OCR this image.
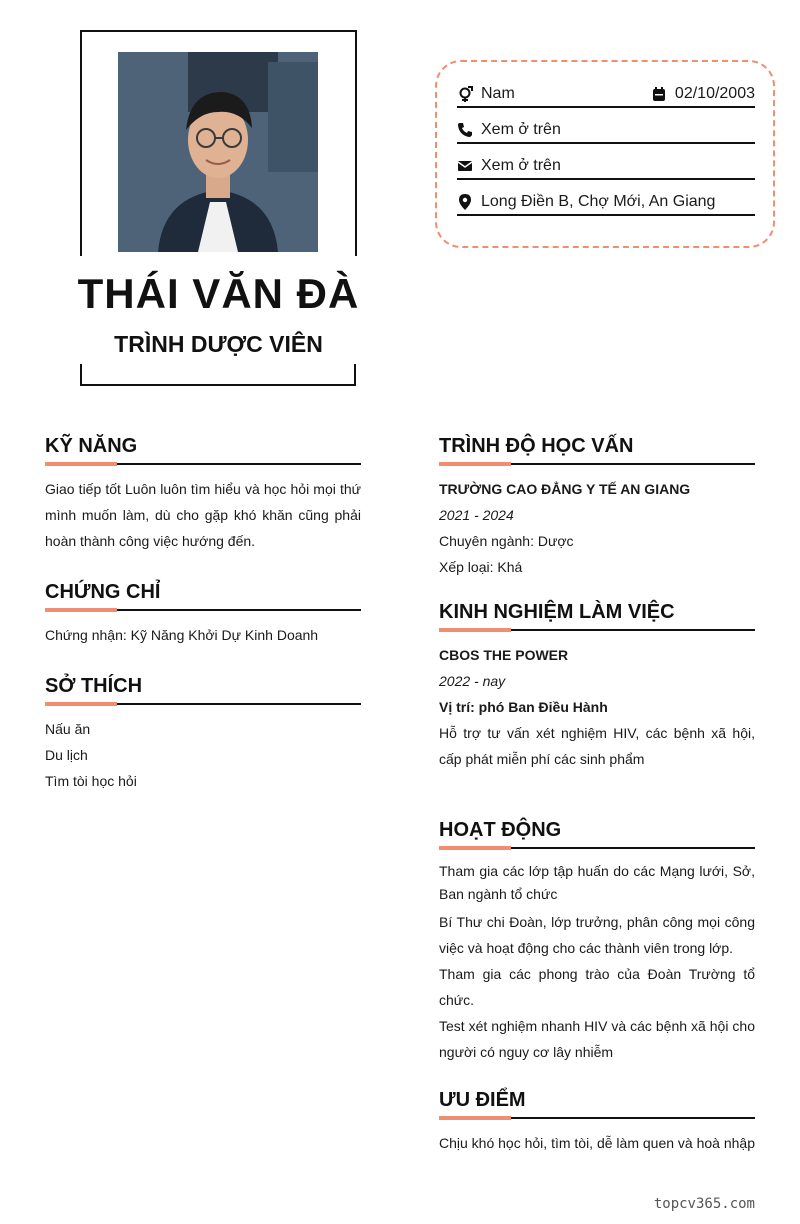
THÁI VĂN ĐÀ
TRÌNH DƯỢC VIÊN
Nam	02/10/2003
Xem ở trên
Xem ở trên
Long Điền B, Chợ Mới, An Giang
KỸ NĂNG
Giao tiếp tốt Luôn luôn tìm hiểu và học hỏi mọi thứ mình muốn làm, dù cho gặp khó khăn cũng phải hoàn thành công việc hướng đến.
CHỨNG CHỈ
Chứng nhận: Kỹ Năng Khởi Dự Kinh Doanh
SỞ THÍCH
Nấu ăn
Du lịch
Tìm tòi học hỏi
TRÌNH ĐỘ HỌC VẤN
TRƯỜNG CAO ĐẲNG Y TẾ AN GIANG
2021 - 2024
Chuyên ngành: Dược
Xếp loại: Khá
KINH NGHIỆM LÀM VIỆC
CBOS THE POWER
2022 - nay
Vị trí: phó Ban Điều Hành
Hỗ trợ tư vấn xét nghiệm HIV, các bệnh xã hội, cấp phát miễn phí các sinh phẩm
HOẠT ĐỘNG
Tham gia các lớp tập huấn do các Mạng lưới, Sở, Ban ngành tổ chức
Bí Thư chi Đoàn, lớp trưởng, phân công mọi công việc và hoạt động cho các thành viên trong lớp.
Tham gia các phong trào của Đoàn Trường tổ chức.
Test xét nghiệm nhanh HIV và các bệnh xã hội cho người có nguy cơ lây nhiễm
ƯU ĐIỂM
Chịu khó học hỏi, tìm tòi, dễ làm quen và hoà nhập
topcv365.com
